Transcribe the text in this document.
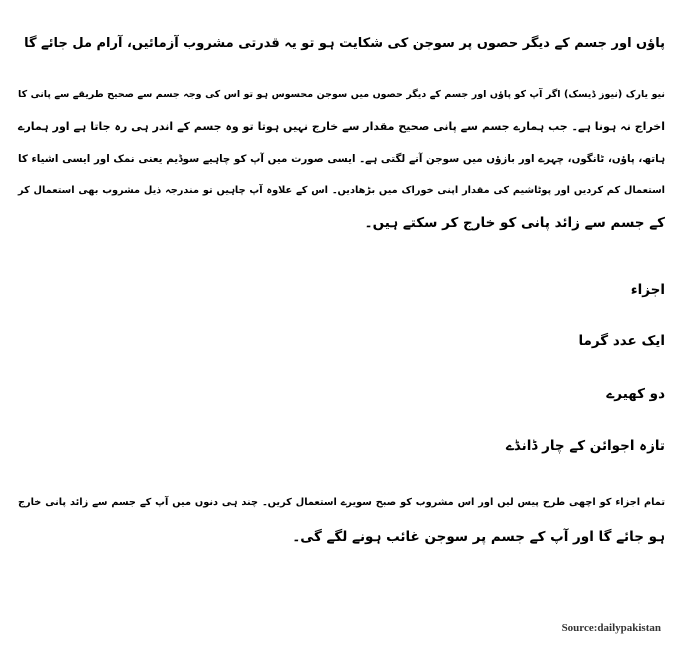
پاؤں اور جسم کے دیگر حصوں پر سوجن کی شکایت ہو تو یہ قدرتی مشروب آزمائیں، آرام مل جائے گا
نیو یارک (نیوز ڈیسک) اگر آپ کو پاؤں اور جسم کے دیگر حصوں میں سوجن محسوس ہو تو اس کی وجہ جسم سے صحیح طریقے سے پانی کا
اخراج نہ ہونا ہے۔ جب ہمارے جسم سے پانی صحیح مقدار سے خارج نہیں ہوتا تو وہ جسم کے اندر ہی رہ جاتا ہے اور ہمارے
ہاتھ، پاؤں، ٹانگوں، چہرے اور بازؤں میں سوجن آنے لگتی ہے۔ ایسی صورت میں آپ کو چاہیے سوڈیم یعنی نمک اور ایسی اشیاء کا
استعمال کم کردیں اور پوٹاشیم کی مقدار اپنی خوراک میں بڑھادیں۔ اس کے علاوہ آپ چاہیں تو مندرجہ ذیل مشروب بھی استعمال کر
کے جسم سے زائد پانی کو خارج کر سکتے ہیں۔
اجزاء
ایک عدد گرما
دو کھیرے
تازہ اجوائن کے چار ڈانڈے
تمام اجزاء کو اچھی طرح پیس لیں اور اس مشروب کو صبح سویرے استعمال کریں۔ چند ہی دنوں میں آپ کے جسم سے زائد پانی خارج
ہو جائے گا اور آپ کے جسم پر سوجن غائب ہونے لگے گی۔
Source:dailypakistan
